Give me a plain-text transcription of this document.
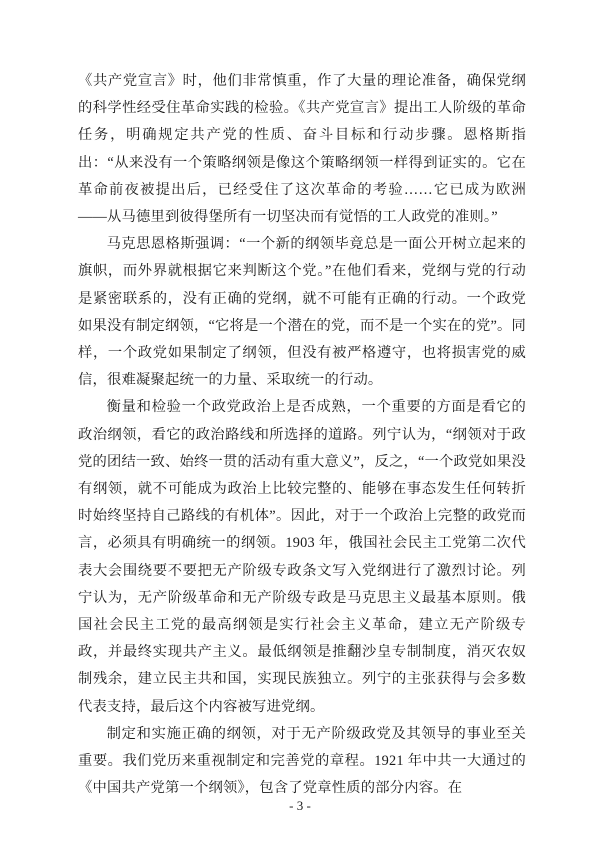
《共产党宣言》时，他们非常慎重，作了大量的理论准备，确保党纲的科学性经受住革命实践的检验。《共产党宣言》提出工人阶级的革命任务，明确规定共产党的性质、奋斗目标和行动步骤。恩格斯指出：“从来没有一个策略纲领是像这个策略纲领一样得到证实的。它在革命前夜被提出后，已经受住了这次革命的考验……它已成为欧洲——从马德里到彼得堡所有一切坚决而有觉悟的工人政党的准则。”

马克思恩格斯强调：“一个新的纲领毕竟总是一面公开树立起来的旗帜，而外界就根据它来判断这个党。”在他们看来，党纲与党的行动是紧密联系的，没有正确的党纲，就不可能有正确的行动。一个政党如果没有制定纲领，“它将是一个潜在的党，而不是一个实在的党”。同样，一个政党如果制定了纲领，但没有被严格遵守，也将损害党的威信，很难凝聚起统一的力量、采取统一的行动。

衡量和检验一个政党政治上是否成熟，一个重要的方面是看它的政治纲领，看它的政治路线和所选择的道路。列宁认为，“纲领对于政党的团结一致、始终一贯的活动有重大意义”，反之，“一个政党如果没有纲领，就不可能成为政治上比较完整的、能够在事态发生任何转折时始终坚持自己路线的有机体”。因此，对于一个政治上完整的政党而言，必须具有明确统一的纲领。1903 年，俄国社会民主工党第二次代表大会围绕要不要把无产阶级专政条文写入党纲进行了激烈讨论。列宁认为，无产阶级革命和无产阶级专政是马克思主义最基本原则。俄国社会民主工党的最高纲领是实行社会主义革命，建立无产阶级专政，并最终实现共产主义。最低纲领是推翻沙皇专制制度，消灭农奴制残余，建立民主共和国，实现民族独立。列宁的主张获得与会多数代表支持，最后这个内容被写进党纲。

制定和实施正确的纲领，对于无产阶级政党及其领导的事业至关重要。我们党历来重视制定和完善党的章程。1921 年中共一大通过的《中国共产党第一个纲领》，包含了党章性质的部分内容。在

- 3 -
